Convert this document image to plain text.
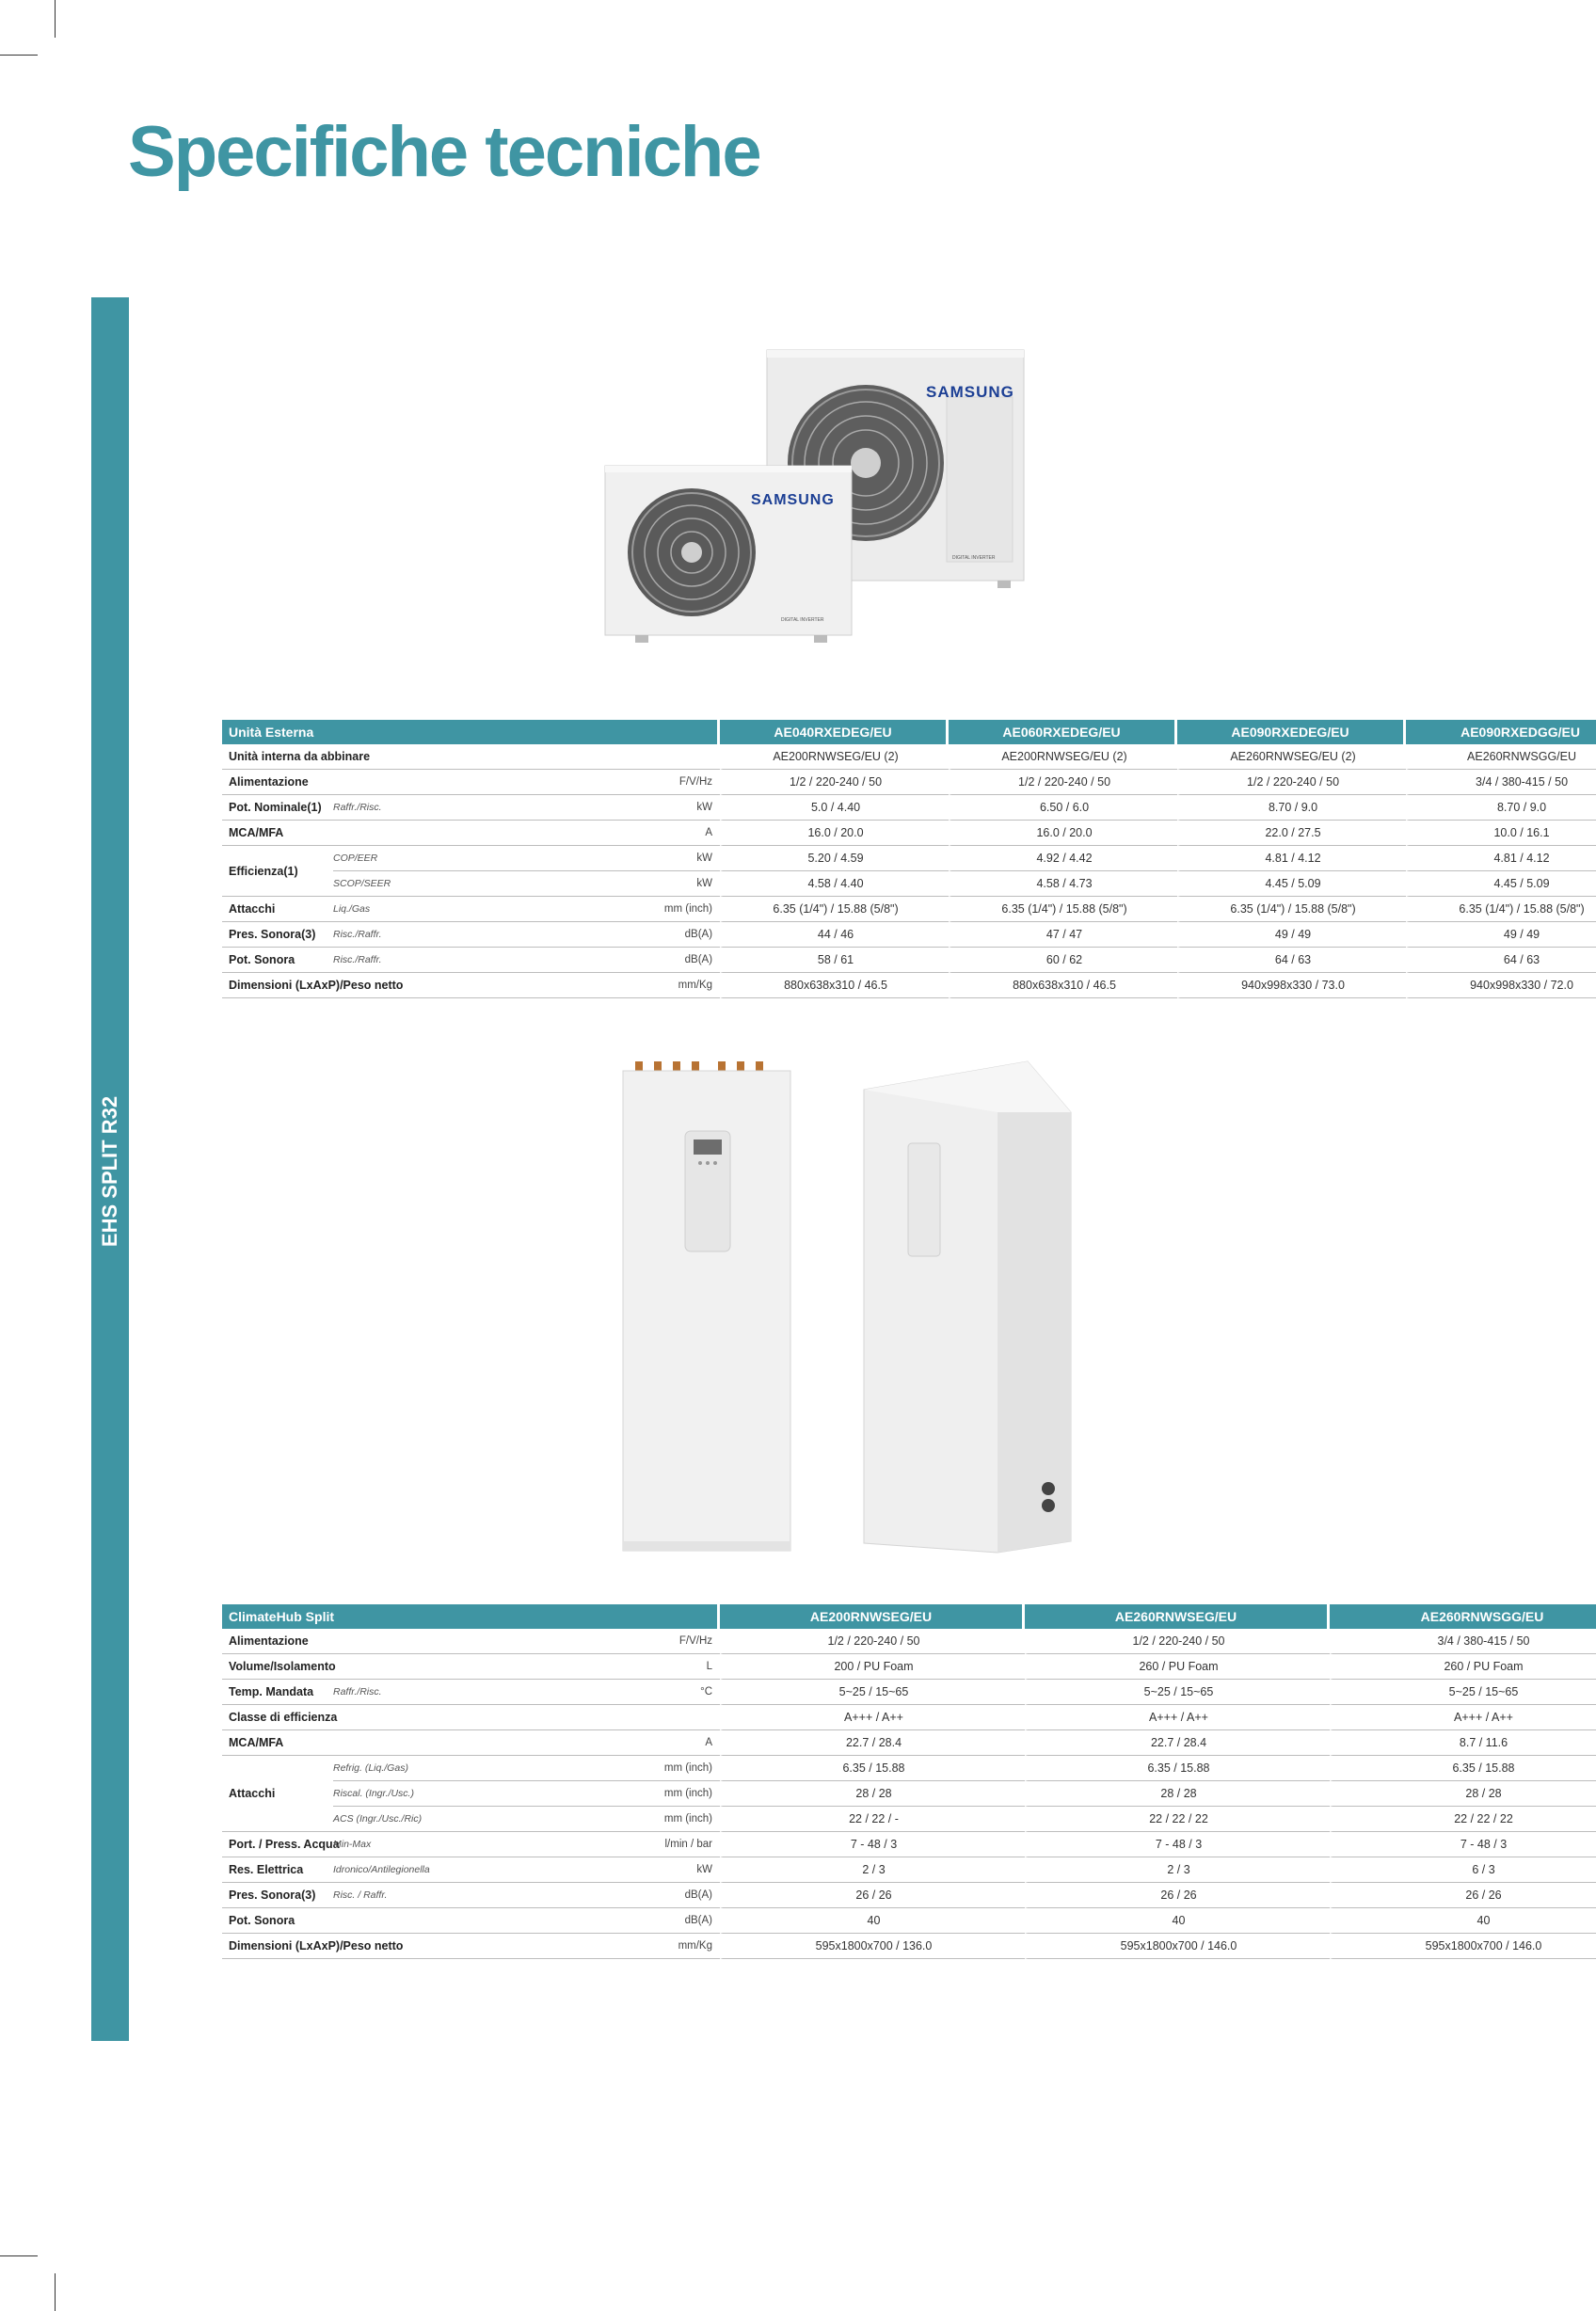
Specifiche tecniche
EHS SPLIT R32
SAMSUNG
DIGITAL INVERTER
SAMSUNG
DIGITAL INVERTER
Unità Esterna			AE040RXEDEG/EU	AE060RXEDEG/EU	AE090RXEDEG/EU	AE090RXEDGG/EU
Unità interna da abbinare			AE200RNWSEG/EU (2)	AE200RNWSEG/EU (2)	AE260RNWSEG/EU (2)	AE260RNWSGG/EU
Alimentazione		F/V/Hz	1/2 / 220-240 / 50	1/2 / 220-240 / 50	1/2 / 220-240 / 50	3/4 / 380-415 / 50
Pot. Nominale(1)	Raffr./Risc.	kW	5.0 / 4.40	6.50 / 6.0	8.70 / 9.0	8.70 / 9.0
MCA/MFA		A	16.0 / 20.0	16.0 / 20.0	22.0 / 27.5	10.0 / 16.1
Efficienza(1)	COP/EER	kW	5.20 / 4.59	4.92 / 4.42	4.81 / 4.12	4.81 / 4.12
	SCOP/SEER	kW	4.58 / 4.40	4.58 / 4.73	4.45 / 5.09	4.45 / 5.09
Attacchi	Liq./Gas	mm (inch)	6.35 (1/4") / 15.88 (5/8")	6.35 (1/4") / 15.88 (5/8")	6.35 (1/4") / 15.88 (5/8")	6.35 (1/4") / 15.88 (5/8")
Pres. Sonora(3)	Risc./Raffr.	dB(A)	44 / 46	47 / 47	49 / 49	49 / 49
Pot. Sonora	Risc./Raffr.	dB(A)	58 / 61	60 / 62	64 / 63	64 / 63
Dimensioni (LxAxP)/Peso netto		mm/Kg	880x638x310 / 46.5	880x638x310 / 46.5	940x998x330 / 73.0	940x998x330 / 72.0
ClimateHub Split			AE200RNWSEG/EU	AE260RNWSEG/EU	AE260RNWSGG/EU
Alimentazione		F/V/Hz	1/2 / 220-240 / 50	1/2 / 220-240 / 50	3/4 / 380-415 / 50
Volume/Isolamento		L	200 / PU Foam	260 / PU Foam	260 / PU Foam
Temp. Mandata	Raffr./Risc.	°C	5~25 / 15~65	5~25 / 15~65	5~25 / 15~65
Classe di efficienza			A+++ / A++	A+++ / A++	A+++ / A++
MCA/MFA		A	22.7 / 28.4	22.7 / 28.4	8.7 / 11.6
Attacchi	Refrig. (Liq./Gas)	mm (inch)	6.35 / 15.88	6.35 / 15.88	6.35 / 15.88
	Riscal. (Ingr./Usc.)	mm (inch)	28 / 28	28 / 28	28 / 28
	ACS (Ingr./Usc./Ric)	mm (inch)	22 / 22 / -	22 / 22 / 22	22 / 22 / 22
Port. / Press. Acqua	Min-Max	l/min / bar	7 - 48 / 3	7 - 48 / 3	7 - 48 / 3
Res. Elettrica	Idronico/Antilegionella	kW	2 / 3	2 / 3	6 / 3
Pres. Sonora(3)	Risc. / Raffr.	dB(A)	26 / 26	26 / 26	26 / 26
Pot. Sonora		dB(A)	40	40	40
Dimensioni (LxAxP)/Peso netto		mm/Kg	595x1800x700 / 136.0	595x1800x700 / 146.0	595x1800x700 / 146.0
